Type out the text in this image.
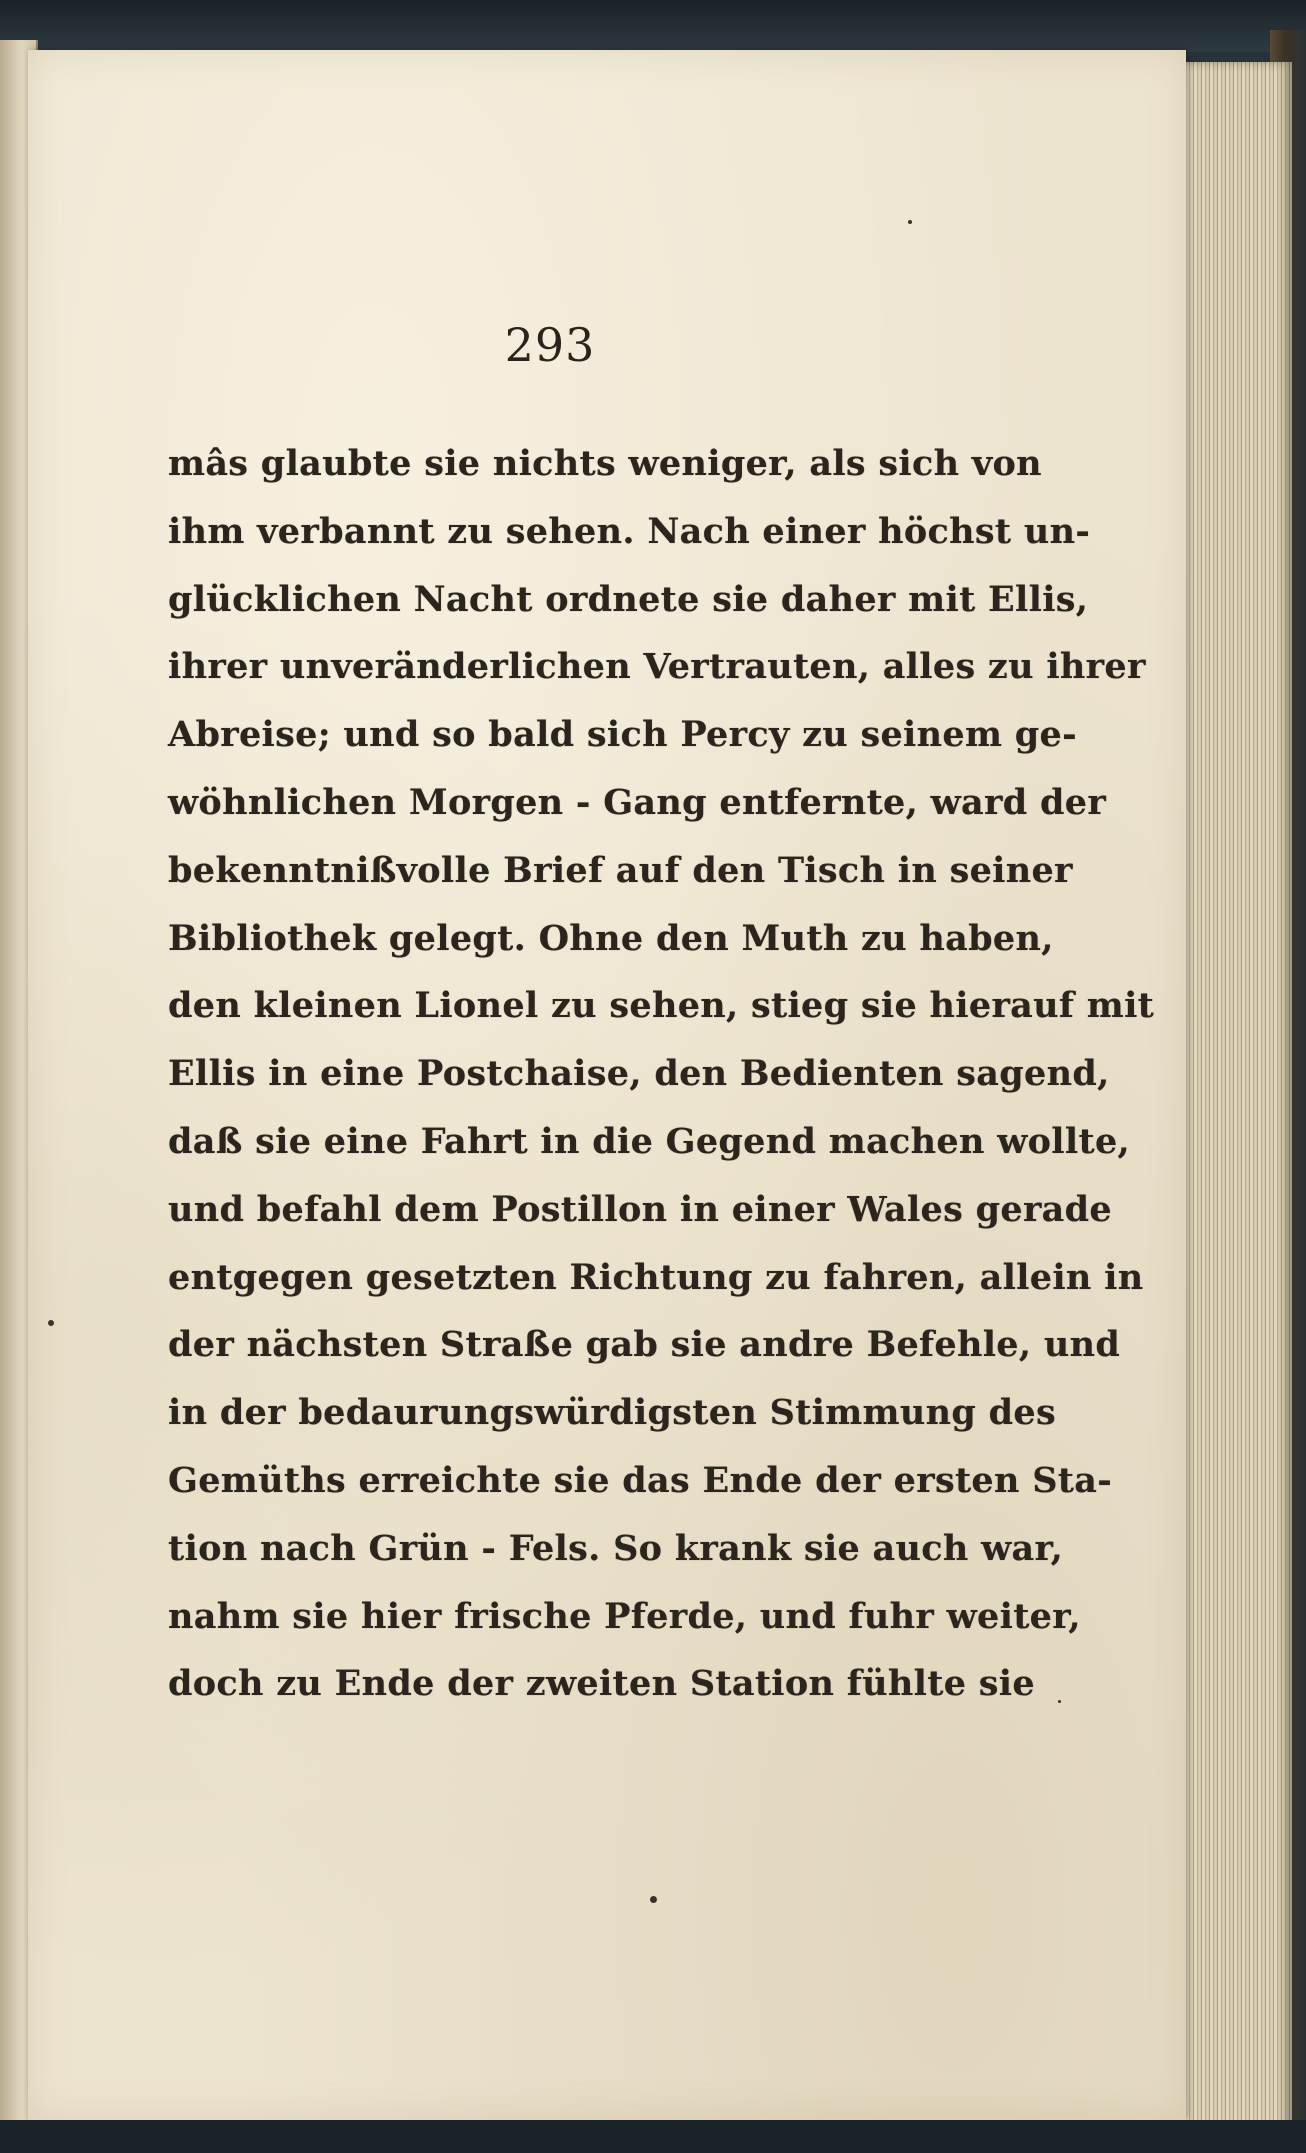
293
mâs glaubte sie nichts weniger, als sich von
ihm verbannt zu sehen. Nach einer höchst un-
glücklichen Nacht ordnete sie daher mit Ellis,
ihrer unveränderlichen Vertrauten, alles zu ihrer
Abreise; und so bald sich Percy zu seinem ge-
wöhnlichen Morgen - Gang entfernte, ward der
bekenntnißvolle Brief auf den Tisch in seiner
Bibliothek gelegt. Ohne den Muth zu haben,
den kleinen Lionel zu sehen, stieg sie hierauf mit
Ellis in eine Postchaise, den Bedienten sagend,
daß sie eine Fahrt in die Gegend machen wollte,
und befahl dem Postillon in einer Wales gerade
entgegen gesetzten Richtung zu fahren, allein in
der nächsten Straße gab sie andre Befehle, und
in der bedaurungswürdigsten Stimmung des
Gemüths erreichte sie das Ende der ersten Sta-
tion nach Grün - Fels. So krank sie auch war,
nahm sie hier frische Pferde, und fuhr weiter,
doch zu Ende der zweiten Station fühlte sie
